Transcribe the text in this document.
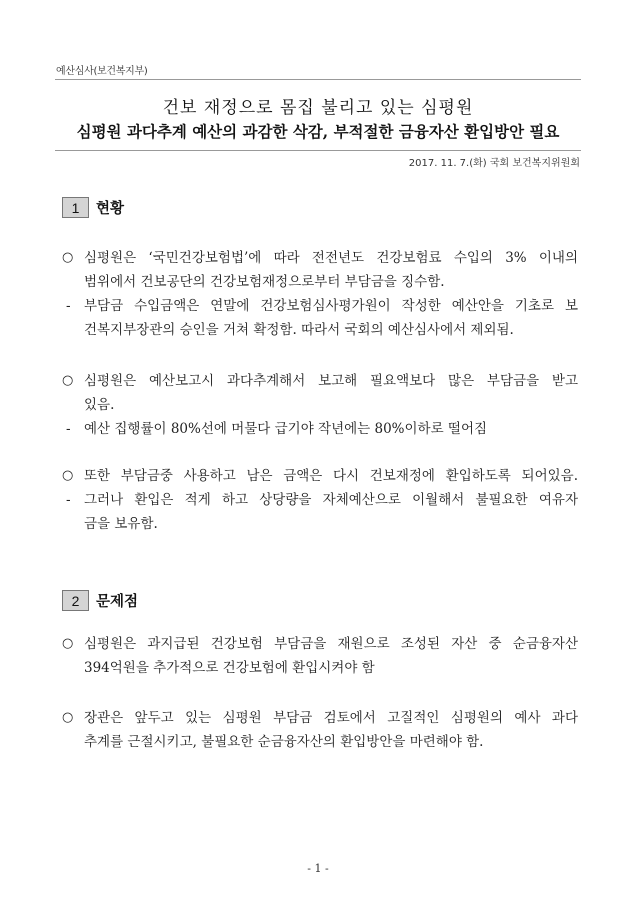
예산심사(보건복지부)
건보 재정으로 몸집 불리고 있는 심평원
심평원 과다추계 예산의 과감한 삭감, 부적절한 금융자산 환입방안 필요
2017. 11. 7.(화) 국회 보건복지위원회
1	현황
○ 심평원은 ‘국민건강보험법’에 따라 전전년도 건강보험료 수입의 3% 이내의
범위에서 건보공단의 건강보험재정으로부터 부담금을 징수함.
- 부담금 수입금액은 연말에 건강보험심사평가원이 작성한 예산안을 기초로 보
건복지부장관의 승인을 거쳐 확정함. 따라서 국회의 예산심사에서 제외됨.
○ 심평원은 예산보고시 과다추계해서 보고해 필요액보다 많은 부담금을 받고
있음.
- 예산 집행률이 80%선에 머물다 급기야 작년에는 80%이하로 떨어짐
○ 또한 부담금중 사용하고 남은 금액은 다시 건보재정에 환입하도록 되어있음.
- 그러나 환입은 적게 하고 상당량을 자체예산으로 이월해서 불필요한 여유자
금을 보유함.
2	문제점
○ 심평원은 과지급된 건강보험 부담금을 재원으로 조성된 자산 중 순금융자산
394억원을 추가적으로 건강보험에 환입시켜야 함
○ 장관은 앞두고 있는 심평원 부담금 검토에서 고질적인 심평원의 예사 과다
추계를 근절시키고, 불필요한 순금융자산의 환입방안을 마련해야 함.
- 1 -
